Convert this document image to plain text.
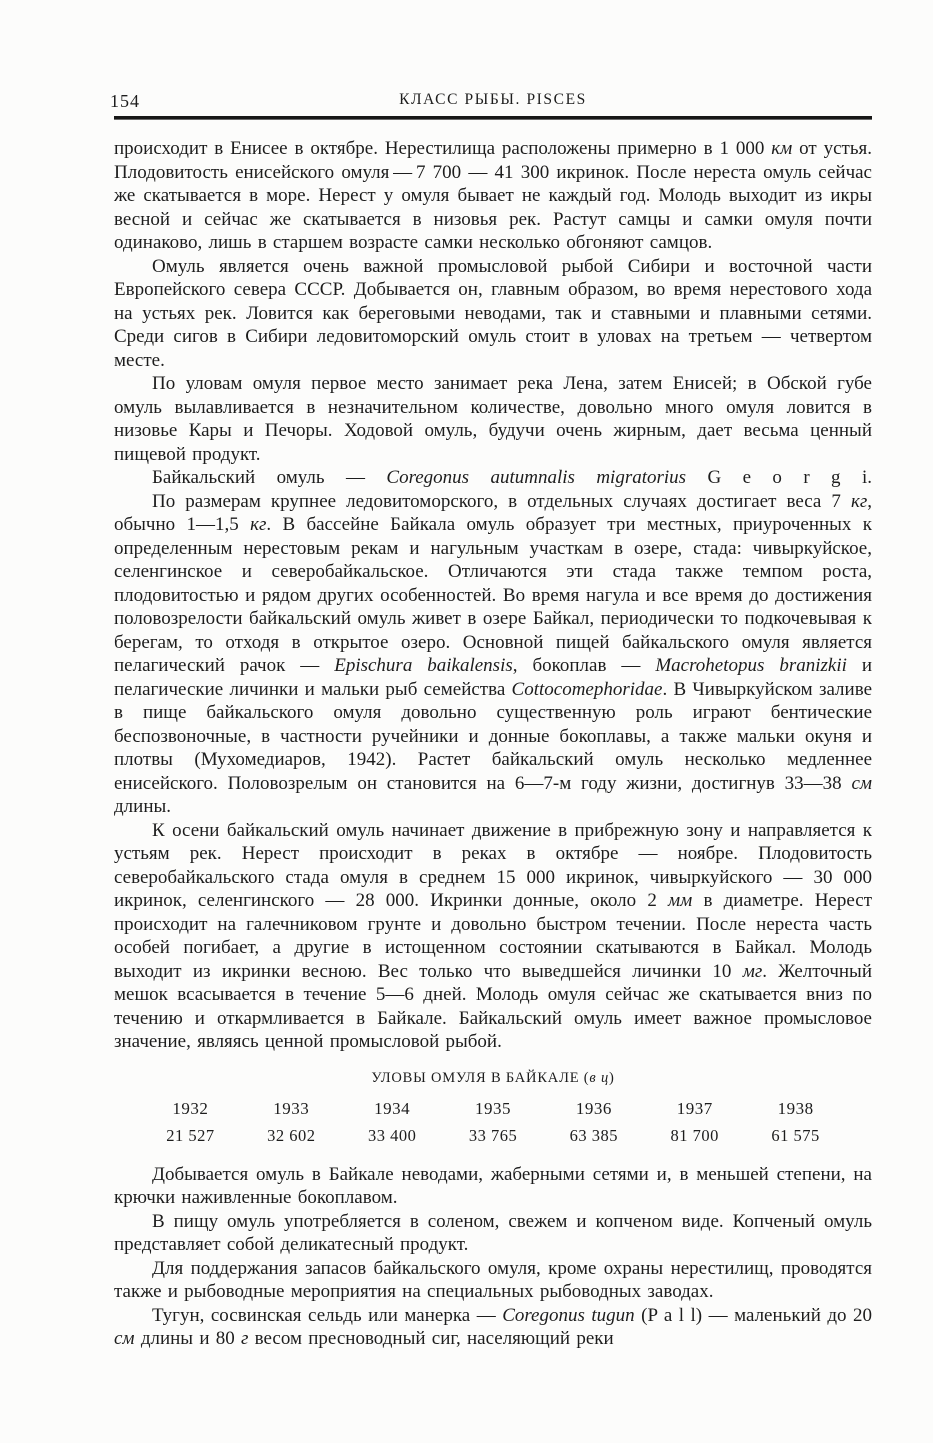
154	КЛАСС РЫБЫ. PISCES

происходит в Енисее в октябре. Нерестилища расположены примерно в 1 000 км от устья. Плодовитость енисейского омуля — 7 700 — 41 300 икринок. После нереста омуль сейчас же скатывается в море. Нерест у омуля бывает не каждый год. Молодь выходит из икры весной и сейчас же скатывается в низовья рек. Растут самцы и самки омуля почти одинаково, лишь в старшем возрасте самки несколько обгоняют самцов.

Омуль является очень важной промысловой рыбой Сибири и восточной части Европейского севера СССР. Добывается он, главным образом, во время нерестового хода на устьях рек. Ловится как береговыми неводами, так и ставными и плавными сетями. Среди сигов в Сибири ледовитоморский омуль стоит в уловах на третьем — четвертом месте.

По уловам омуля первое место занимает река Лена, затем Енисей; в Обской губе омуль вылавливается в незначительном количестве, довольно много омуля ловится в низовье Кары и Печоры. Ходовой омуль, будучи очень жирным, дает весьма ценный пищевой продукт.

Байкальский омуль — Coregonus autumnalis migratorius G e o r g i.

По размерам крупнее ледовитоморского, в отдельных случаях достигает веса 7 кг, обычно 1—1,5 кг. В бассейне Байкала омуль образует три местных, приуроченных к определенным нерестовым рекам и нагульным участкам в озере, стада: чивыркуйское, селенгинское и северобайкальское. Отличаются эти стада также темпом роста, плодовитостью и рядом других особенностей. Во время нагула и все время до достижения половозрелости байкальский омуль живет в озере Байкал, периодически то подкочевывая к берегам, то отходя в открытое озеро. Основной пищей байкальского омуля является пелагический рачок — Epischura baikalensis, бокоплав — Macrohetopus branizkii и пелагические личинки и мальки рыб семейства Cottocomephoridae. В Чивыркуйском заливе в пище байкальского омуля довольно существенную роль играют бентические беспозвоночные, в частности ручейники и донные бокоплавы, а также мальки окуня и плотвы (Мухомедиаров, 1942). Растет байкальский омуль несколько медленнее енисейского. Половозрелым он становится на 6—7-м году жизни, достигнув 33—38 см длины.

К осени байкальский омуль начинает движение в прибрежную зону и направляется к устьям рек. Нерест происходит в реках в октябре — ноябре. Плодовитость северобайкальского стада омуля в среднем 15 000 икринок, чивыркуйского — 30 000 икринок, селенгинского — 28 000. Икринки донные, около 2 мм в диаметре. Нерест происходит на галечниковом грунте и довольно быстром течении. После нереста часть особей погибает, а другие в истощенном состоянии скатываются в Байкал. Молодь выходит из икринки весною. Вес только что выведшейся личинки 10 мг. Желточный мешок всасывается в течение 5—6 дней. Молодь омуля сейчас же скатывается вниз по течению и откармливается в Байкале. Байкальский омуль имеет важное промысловое значение, являясь ценной промысловой рыбой.

УЛОВЫ ОМУЛЯ В БАЙКАЛЕ (в ц)
1932	1933	1934	1935	1936	1937	1938
21 527	32 602	33 400	33 765	63 385	81 700	61 575

Добывается омуль в Байкале неводами, жаберными сетями и, в меньшей степени, на крючки наживленные бокоплавом.

В пищу омуль употребляется в соленом, свежем и копченом виде. Копченый омуль представляет собой деликатесный продукт.

Для поддержания запасов байкальского омуля, кроме охраны нерестилищ, проводятся также и рыбоводные мероприятия на специальных рыбоводных заводах.

Тугун, сосвинская сельдь или манерка — Coregonus tugun (P a l l) — маленький до 20 см длины и 80 г весом пресноводный сиг, населяющий реки
